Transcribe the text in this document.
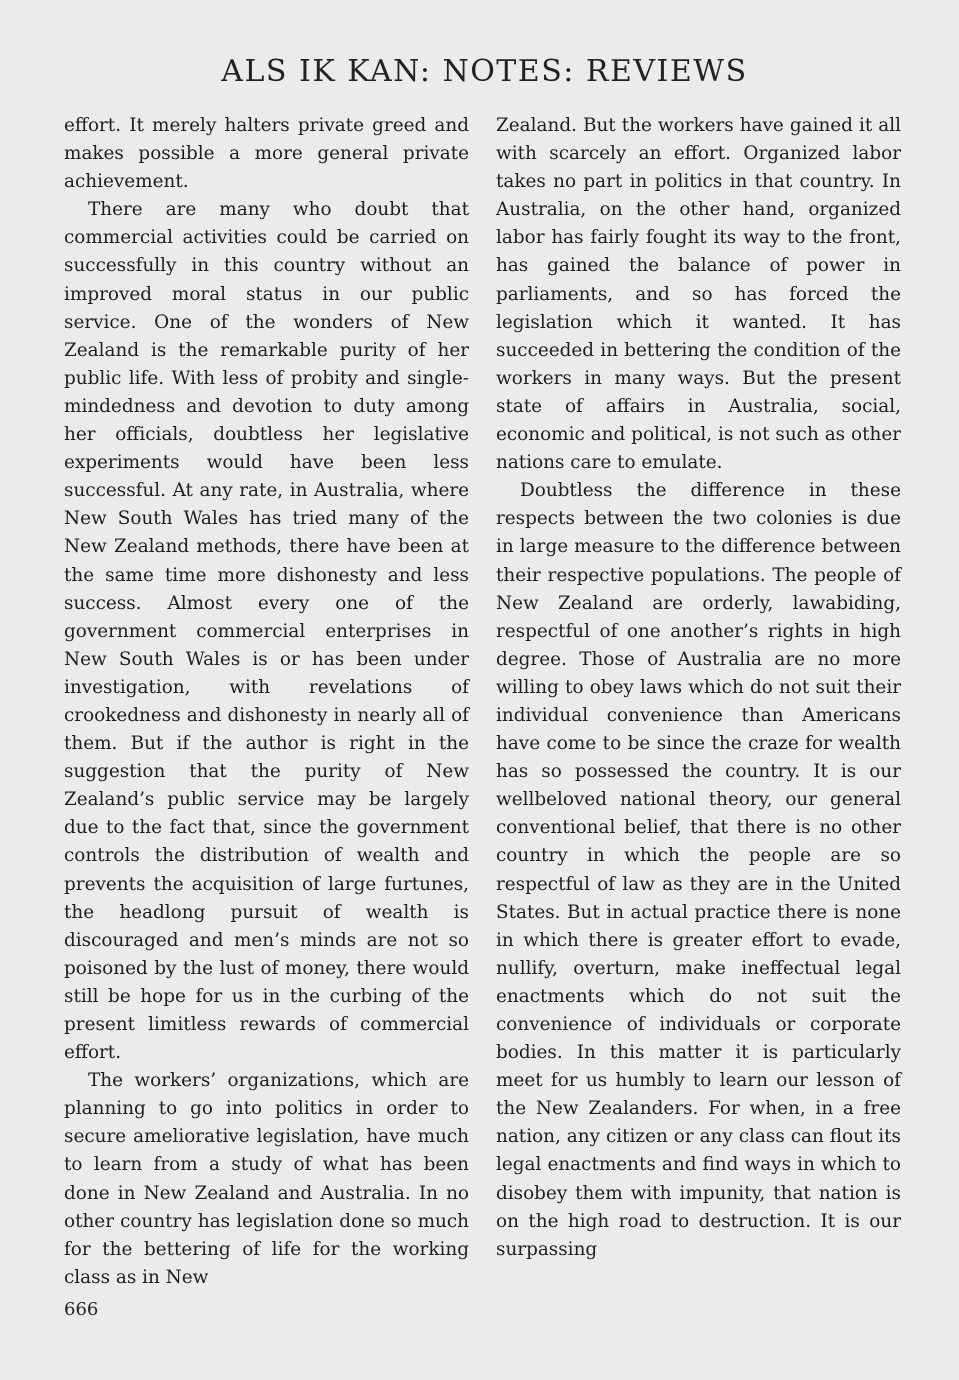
ALS IK KAN: NOTES: REVIEWS

effort. It merely halters private greed and makes possible a more general private achievement.

There are many who doubt that commercial activities could be carried on successfully in this country without an improved moral status in our public service. One of the wonders of New Zealand is the remarkable purity of her public life. With less of probity and single-mindedness and devotion to duty among her officials, doubtless her legislative experiments would have been less successful. At any rate, in Australia, where New South Wales has tried many of the New Zealand methods, there have been at the same time more dishonesty and less success. Almost every one of the government commercial enterprises in New South Wales is or has been under investigation, with revelations of crookedness and dishonesty in nearly all of them. But if the author is right in the suggestion that the purity of New Zealand’s public service may be largely due to the fact that, since the government controls the distribution of wealth and prevents the acquisition of large furtunes, the headlong pursuit of wealth is discouraged and men’s minds are not so poisoned by the lust of money, there would still be hope for us in the curbing of the present limitless rewards of commercial effort.

The workers’ organizations, which are planning to go into politics in order to secure ameliorative legislation, have much to learn from a study of what has been done in New Zealand and Australia. In no other country has legislation done so much for the bettering of life for the working class as in New

Zealand. But the workers have gained it all with scarcely an effort. Organized labor takes no part in politics in that country. In Australia, on the other hand, organized labor has fairly fought its way to the front, has gained the balance of power in parliaments, and so has forced the legislation which it wanted. It has succeeded in bettering the condition of the workers in many ways. But the present state of affairs in Australia, social, economic and political, is not such as other nations care to emulate.

Doubtless the difference in these respects between the two colonies is due in large measure to the difference between their respective populations. The people of New Zealand are orderly, lawabiding, respectful of one another’s rights in high degree. Those of Australia are no more willing to obey laws which do not suit their individual convenience than Americans have come to be since the craze for wealth has so possessed the country. It is our wellbeloved national theory, our general conventional belief, that there is no other country in which the people are so respectful of law as they are in the United States. But in actual practice there is none in which there is greater effort to evade, nullify, overturn, make ineffectual legal enactments which do not suit the convenience of individuals or corporate bodies. In this matter it is particularly meet for us humbly to learn our lesson of the New Zealanders. For when, in a free nation, any citizen or any class can flout its legal enactments and find ways in which to disobey them with impunity, that nation is on the high road to destruction. It is our surpassing

666
